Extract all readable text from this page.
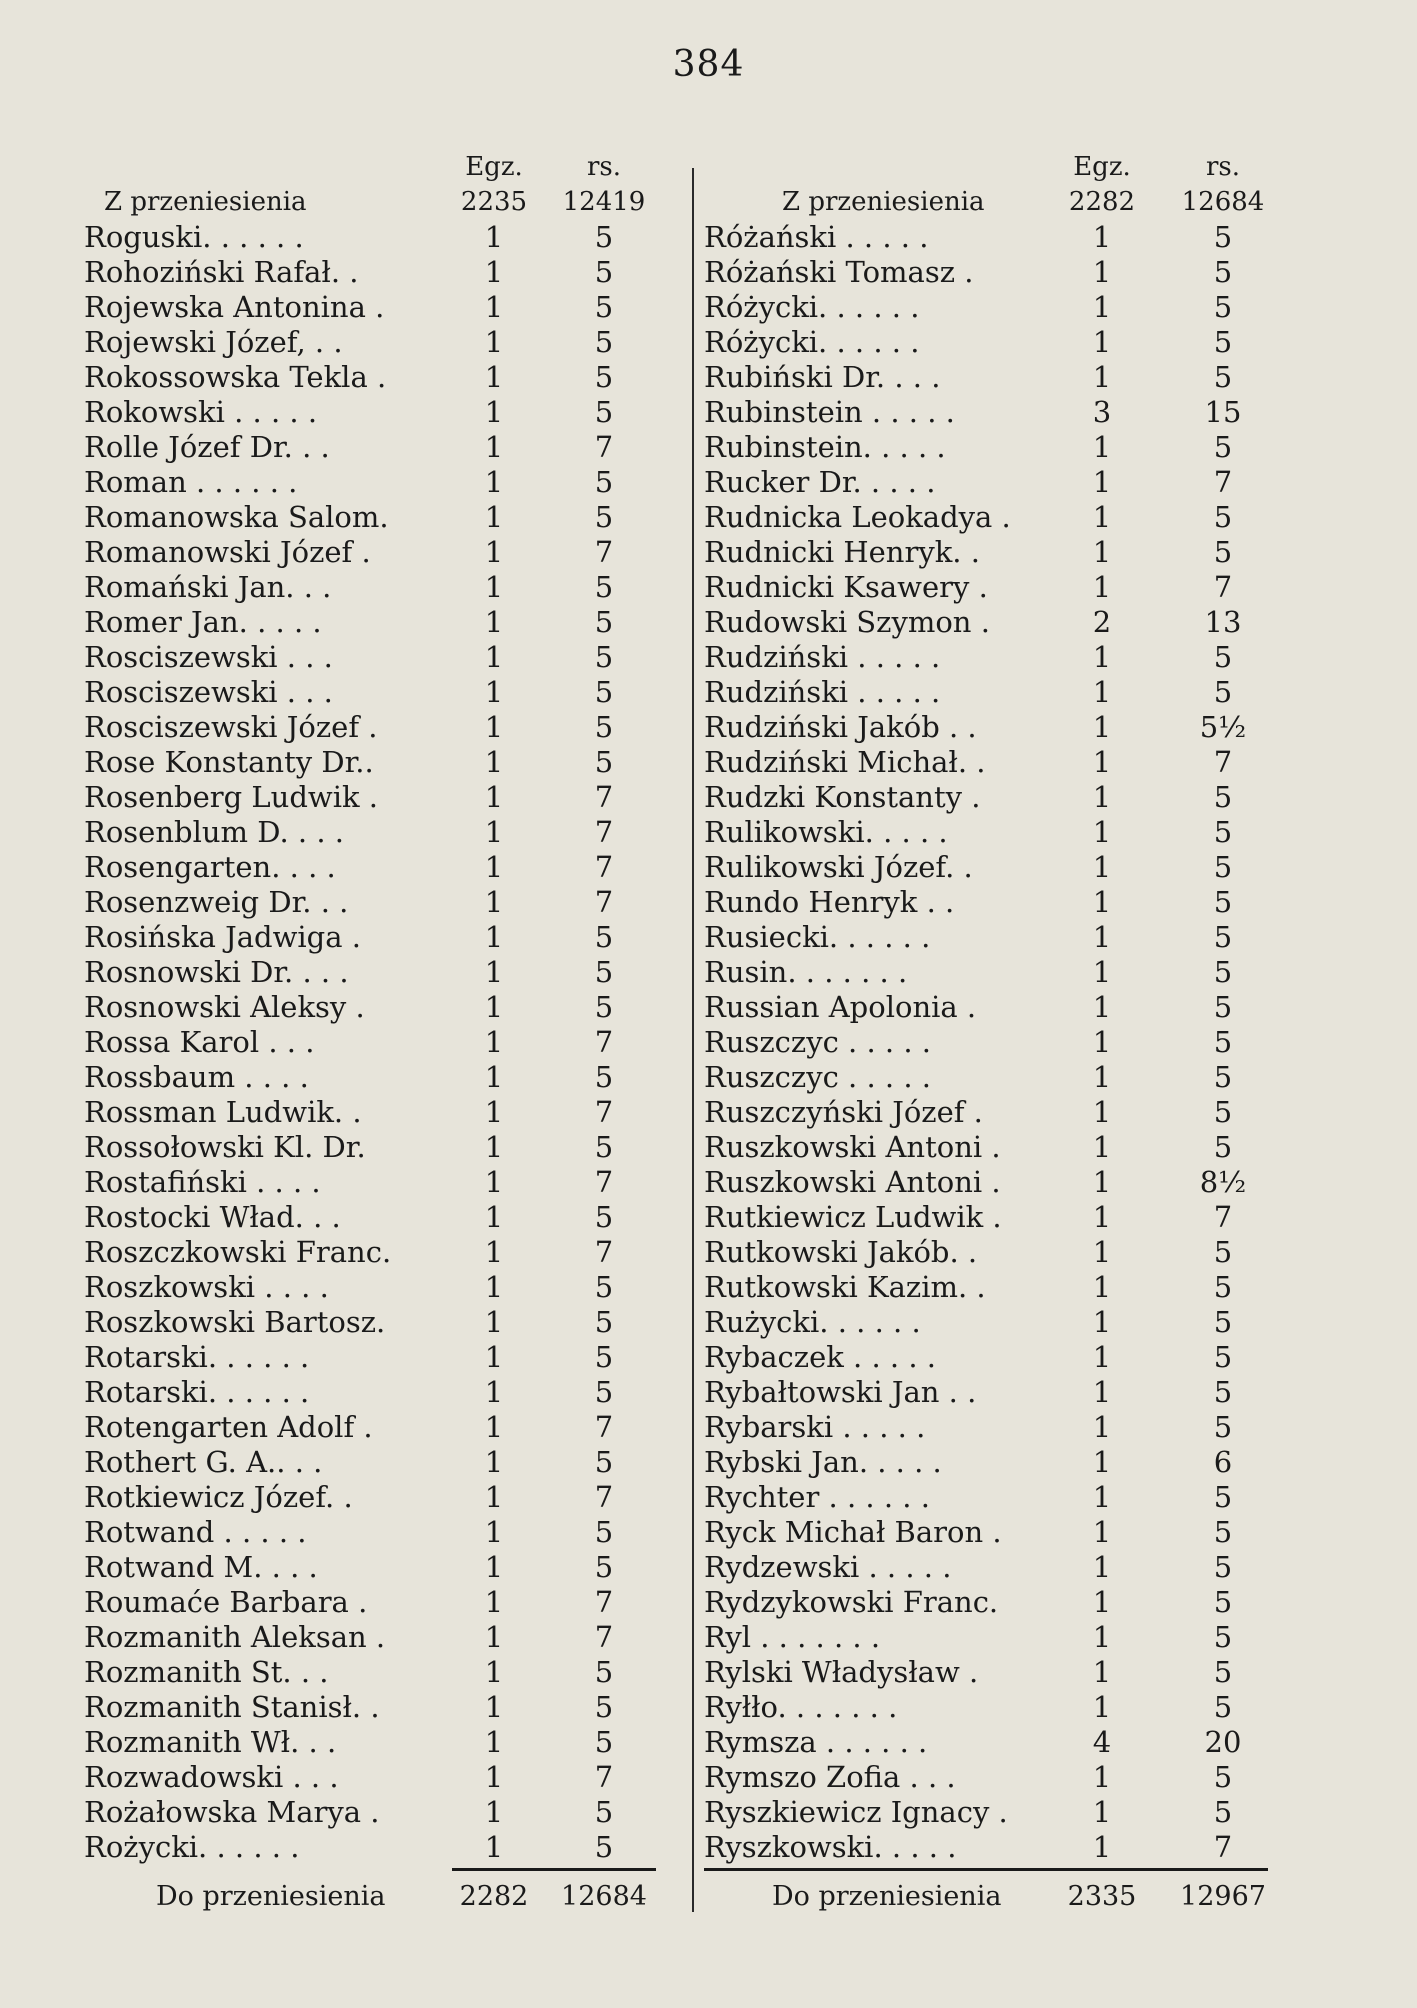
384
Egz.	rs.
Z przeniesienia	2235	12419
Roguski. . . . . .	1	5
Rohoziński Rafał. .	1	5
Rojewska Antonina .	1	5
Rojewski Józef, . .	1	5
Rokossowska Tekla .	1	5
Rokowski . . . . .	1	5
Rolle Józef Dr. . .	1	7
Roman . . . . . .	1	5
Romanowska Salom.	1	5
Romanowski Józef .	1	7
Romański Jan. . .	1	5
Romer Jan. . . . .	1	5
Rosciszewski . . .	1	5
Rosciszewski . . .	1	5
Rosciszewski Józef .	1	5
Rose Konstanty Dr..	1	5
Rosenberg Ludwik .	1	7
Rosenblum D. . . .	1	7
Rosengarten. . . .	1	7
Rosenzweig Dr. . .	1	7
Rosińska Jadwiga .	1	5
Rosnowski Dr. . . .	1	5
Rosnowski Aleksy .	1	5
Rossa Karol . . .	1	7
Rossbaum . . . .	1	5
Rossman Ludwik. .	1	7
Rossołowski Kl. Dr.	1	5
Rostafiński . . . .	1	7
Rostocki Wład. . .	1	5
Roszczkowski Franc.	1	7
Roszkowski . . . .	1	5
Roszkowski Bartosz.	1	5
Rotarski. . . . . .	1	5
Rotarski. . . . . .	1	5
Rotengarten Adolf .	1	7
Rothert G. A.. . .	1	5
Rotkiewicz Józef. .	1	7
Rotwand . . . . .	1	5
Rotwand M. . . .	1	5
Roumaće Barbara .	1	7
Rozmanith Aleksan .	1	7
Rozmanith St. . .	1	5
Rozmanith Stanisł. .	1	5
Rozmanith Wł. . .	1	5
Rozwadowski . . .	1	7
Rożałowska Marya .	1	5
Rożycki. . . . . .	1	5
Do przeniesienia	2282	12684
Egz.	rs.
Z przeniesienia	2282	12684
Różański . . . . .	1	5
Różański Tomasz .	1	5
Różycki. . . . . .	1	5
Różycki. . . . . .	1	5
Rubiński Dr. . . .	1	5
Rubinstein . . . . .	3	15
Rubinstein. . . . .	1	5
Rucker Dr. . . . .	1	7
Rudnicka Leokadya .	1	5
Rudnicki Henryk. .	1	5
Rudnicki Ksawery .	1	7
Rudowski Szymon .	2	13
Rudziński . . . . .	1	5
Rudziński . . . . .	1	5
Rudziński Jakób . .	1	5½
Rudziński Michał. .	1	7
Rudzki Konstanty .	1	5
Rulikowski. . . . .	1	5
Rulikowski Józef. .	1	5
Rundo Henryk . .	1	5
Rusiecki. . . . . .	1	5
Rusin. . . . . . .	1	5
Russian Apolonia .	1	5
Ruszczyc . . . . .	1	5
Ruszczyc . . . . .	1	5
Ruszczyński Józef .	1	5
Ruszkowski Antoni .	1	5
Ruszkowski Antoni .	1	8½
Rutkiewicz Ludwik .	1	7
Rutkowski Jakób. .	1	5
Rutkowski Kazim. .	1	5
Rużycki. . . . . .	1	5
Rybaczek . . . . .	1	5
Rybałtowski Jan . .	1	5
Rybarski . . . . .	1	5
Rybski Jan. . . . .	1	6
Rychter . . . . . .	1	5
Ryck Michał Baron .	1	5
Rydzewski . . . . .	1	5
Rydzykowski Franc.	1	5
Ryl . . . . . . .	1	5
Rylski Władysław .	1	5
Ryłło. . . . . . .	1	5
Rymsza . . . . . .	4	20
Rymszo Zofia . . .	1	5
Ryszkiewicz Ignacy .	1	5
Ryszkowski. . . . .	1	7
Do przeniesienia	2335	12967
